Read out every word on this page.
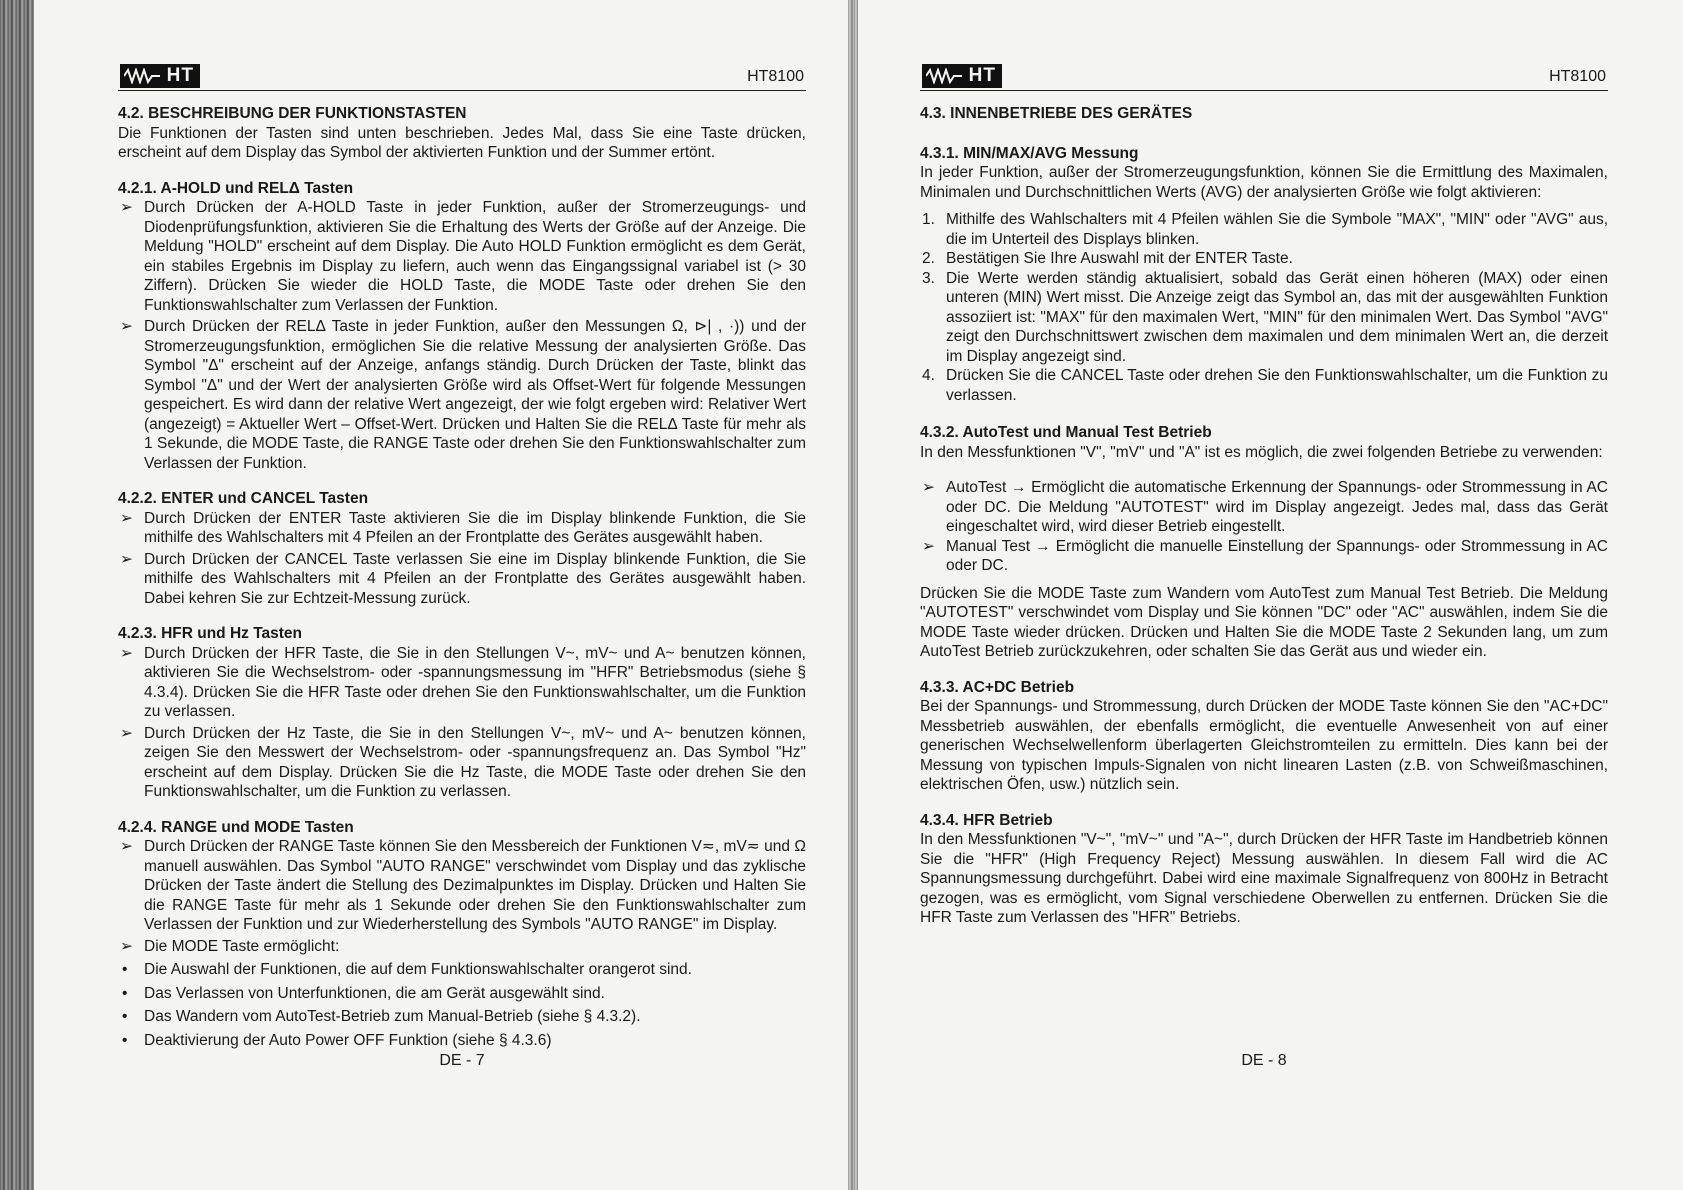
HT	HT8100
4.2. BESCHREIBUNG DER FUNKTIONSTASTEN

Die Funktionen der Tasten sind unten beschrieben. Jedes Mal, dass Sie eine Taste drücken, erscheint auf dem Display das Symbol der aktivierten Funktion und der Summer ertönt.

4.2.1. A-HOLD und RELΔ Tasten
➢ Durch Drücken der A-HOLD Taste in jeder Funktion, außer der Stromerzeugungs- und Diodenprüfungsfunktion, aktivieren Sie die Erhaltung des Werts der Größe auf der Anzeige. Die Meldung "HOLD" erscheint auf dem Display. Die Auto HOLD Funktion ermöglicht es dem Gerät, ein stabiles Ergebnis im Display zu liefern, auch wenn das Eingangssignal variabel ist (> 30 Ziffern). Drücken Sie wieder die HOLD Taste, die MODE Taste oder drehen Sie den Funktionswahlschalter zum Verlassen der Funktion.
➢ Durch Drücken der RELΔ Taste in jeder Funktion, außer den Messungen Ω, ⊳| , ·)) und der Stromerzeugungsfunktion, ermöglichen Sie die relative Messung der analysierten Größe. Das Symbol "Δ" erscheint auf der Anzeige, anfangs ständig. Durch Drücken der Taste, blinkt das Symbol "Δ" und der Wert der analysierten Größe wird als Offset-Wert für folgende Messungen gespeichert. Es wird dann der relative Wert angezeigt, der wie folgt ergeben wird: Relativer Wert (angezeigt) = Aktueller Wert – Offset-Wert. Drücken und Halten Sie die RELΔ Taste für mehr als 1 Sekunde, die MODE Taste, die RANGE Taste oder drehen Sie den Funktionswahlschalter zum Verlassen der Funktion.
4.2.2. ENTER und CANCEL Tasten
➢ Durch Drücken der ENTER Taste aktivieren Sie die im Display blinkende Funktion, die Sie mithilfe des Wahlschalters mit 4 Pfeilen an der Frontplatte des Gerätes ausgewählt haben.
➢ Durch Drücken der CANCEL Taste verlassen Sie eine im Display blinkende Funktion, die Sie mithilfe des Wahlschalters mit 4 Pfeilen an der Frontplatte des Gerätes ausgewählt haben. Dabei kehren Sie zur Echtzeit-Messung zurück.
4.2.3. HFR und Hz Tasten
➢ Durch Drücken der HFR Taste, die Sie in den Stellungen V~, mV~ und A~ benutzen können, aktivieren Sie die Wechselstrom- oder -spannungsmessung im "HFR" Betriebsmodus (siehe § 4.3.4). Drücken Sie die HFR Taste oder drehen Sie den Funktionswahlschalter, um die Funktion zu verlassen.
➢ Durch Drücken der Hz Taste, die Sie in den Stellungen V~, mV~ und A~ benutzen können, zeigen Sie den Messwert der Wechselstrom- oder -spannungsfrequenz an. Das Symbol "Hz" erscheint auf dem Display. Drücken Sie die Hz Taste, die MODE Taste oder drehen Sie den Funktionswahlschalter, um die Funktion zu verlassen.
4.2.4. RANGE und MODE Tasten
➢ Durch Drücken der RANGE Taste können Sie den Messbereich der Funktionen V≂, mV≂ und Ω manuell auswählen. Das Symbol "AUTO RANGE" verschwindet vom Display und das zyklische Drücken der Taste ändert die Stellung des Dezimalpunktes im Display. Drücken und Halten Sie die RANGE Taste für mehr als 1 Sekunde oder drehen Sie den Funktionswahlschalter zum Verlassen der Funktion und zur Wiederherstellung des Symbols "AUTO RANGE" im Display.
➢ Die MODE Taste ermöglicht:
• Die Auswahl der Funktionen, die auf dem Funktionswahlschalter orangerot sind.
• Das Verlassen von Unterfunktionen, die am Gerät ausgewählt sind.
• Das Wandern vom AutoTest-Betrieb zum Manual-Betrieb (siehe § 4.3.2).
• Deaktivierung der Auto Power OFF Funktion (siehe § 4.3.6)
DE - 7
HT	HT8100
4.3. INNENBETRIEBE DES GERÄTES
4.3.1. MIN/MAX/AVG Messung

In jeder Funktion, außer der Stromerzeugungsfunktion, können Sie die Ermittlung des Maximalen, Minimalen und Durchschnittlichen Werts (AVG) der analysierten Größe wie folgt aktivieren:

1. Mithilfe des Wahlschalters mit 4 Pfeilen wählen Sie die Symbole "MAX", "MIN" oder "AVG" aus, die im Unterteil des Displays blinken.
2. Bestätigen Sie Ihre Auswahl mit der ENTER Taste.
3. Die Werte werden ständig aktualisiert, sobald das Gerät einen höheren (MAX) oder einen unteren (MIN) Wert misst. Die Anzeige zeigt das Symbol an, das mit der ausgewählten Funktion assoziiert ist: "MAX" für den maximalen Wert, "MIN" für den minimalen Wert. Das Symbol "AVG" zeigt den Durchschnittswert zwischen dem maximalen und dem minimalen Wert an, die derzeit im Display angezeigt sind.
4. Drücken Sie die CANCEL Taste oder drehen Sie den Funktionswahlschalter, um die Funktion zu verlassen.
4.3.2. AutoTest und Manual Test Betrieb

In den Messfunktionen "V", "mV" und "A" ist es möglich, die zwei folgenden Betriebe zu verwenden:

➢ AutoTest → Ermöglicht die automatische Erkennung der Spannungs- oder Strommessung in AC oder DC. Die Meldung "AUTOTEST" wird im Display angezeigt. Jedes mal, dass das Gerät eingeschaltet wird, wird dieser Betrieb eingestellt.
➢ Manual Test → Ermöglicht die manuelle Einstellung der Spannungs- oder Strommessung in AC oder DC.

Drücken Sie die MODE Taste zum Wandern vom AutoTest zum Manual Test Betrieb. Die Meldung "AUTOTEST" verschwindet vom Display und Sie können "DC" oder "AC" auswählen, indem Sie die MODE Taste wieder drücken. Drücken und Halten Sie die MODE Taste 2 Sekunden lang, um zum AutoTest Betrieb zurückzukehren, oder schalten Sie das Gerät aus und wieder ein.

4.3.3. AC+DC Betrieb

Bei der Spannungs- und Strommessung, durch Drücken der MODE Taste können Sie den "AC+DC" Messbetrieb auswählen, der ebenfalls ermöglicht, die eventuelle Anwesenheit von auf einer generischen Wechselwellenform überlagerten Gleichstromteilen zu ermitteln. Dies kann bei der Messung von typischen Impuls-Signalen von nicht linearen Lasten (z.B. von Schweißmaschinen, elektrischen Öfen, usw.) nützlich sein.

4.3.4. HFR Betrieb

In den Messfunktionen "V~", "mV~" und "A~", durch Drücken der HFR Taste im Handbetrieb können Sie die "HFR" (High Frequency Reject) Messung auswählen. In diesem Fall wird die AC Spannungsmessung durchgeführt. Dabei wird eine maximale Signalfrequenz von 800Hz in Betracht gezogen, was es ermöglicht, vom Signal verschiedene Oberwellen zu entfernen. Drücken Sie die HFR Taste zum Verlassen des "HFR" Betriebs.

DE - 8
